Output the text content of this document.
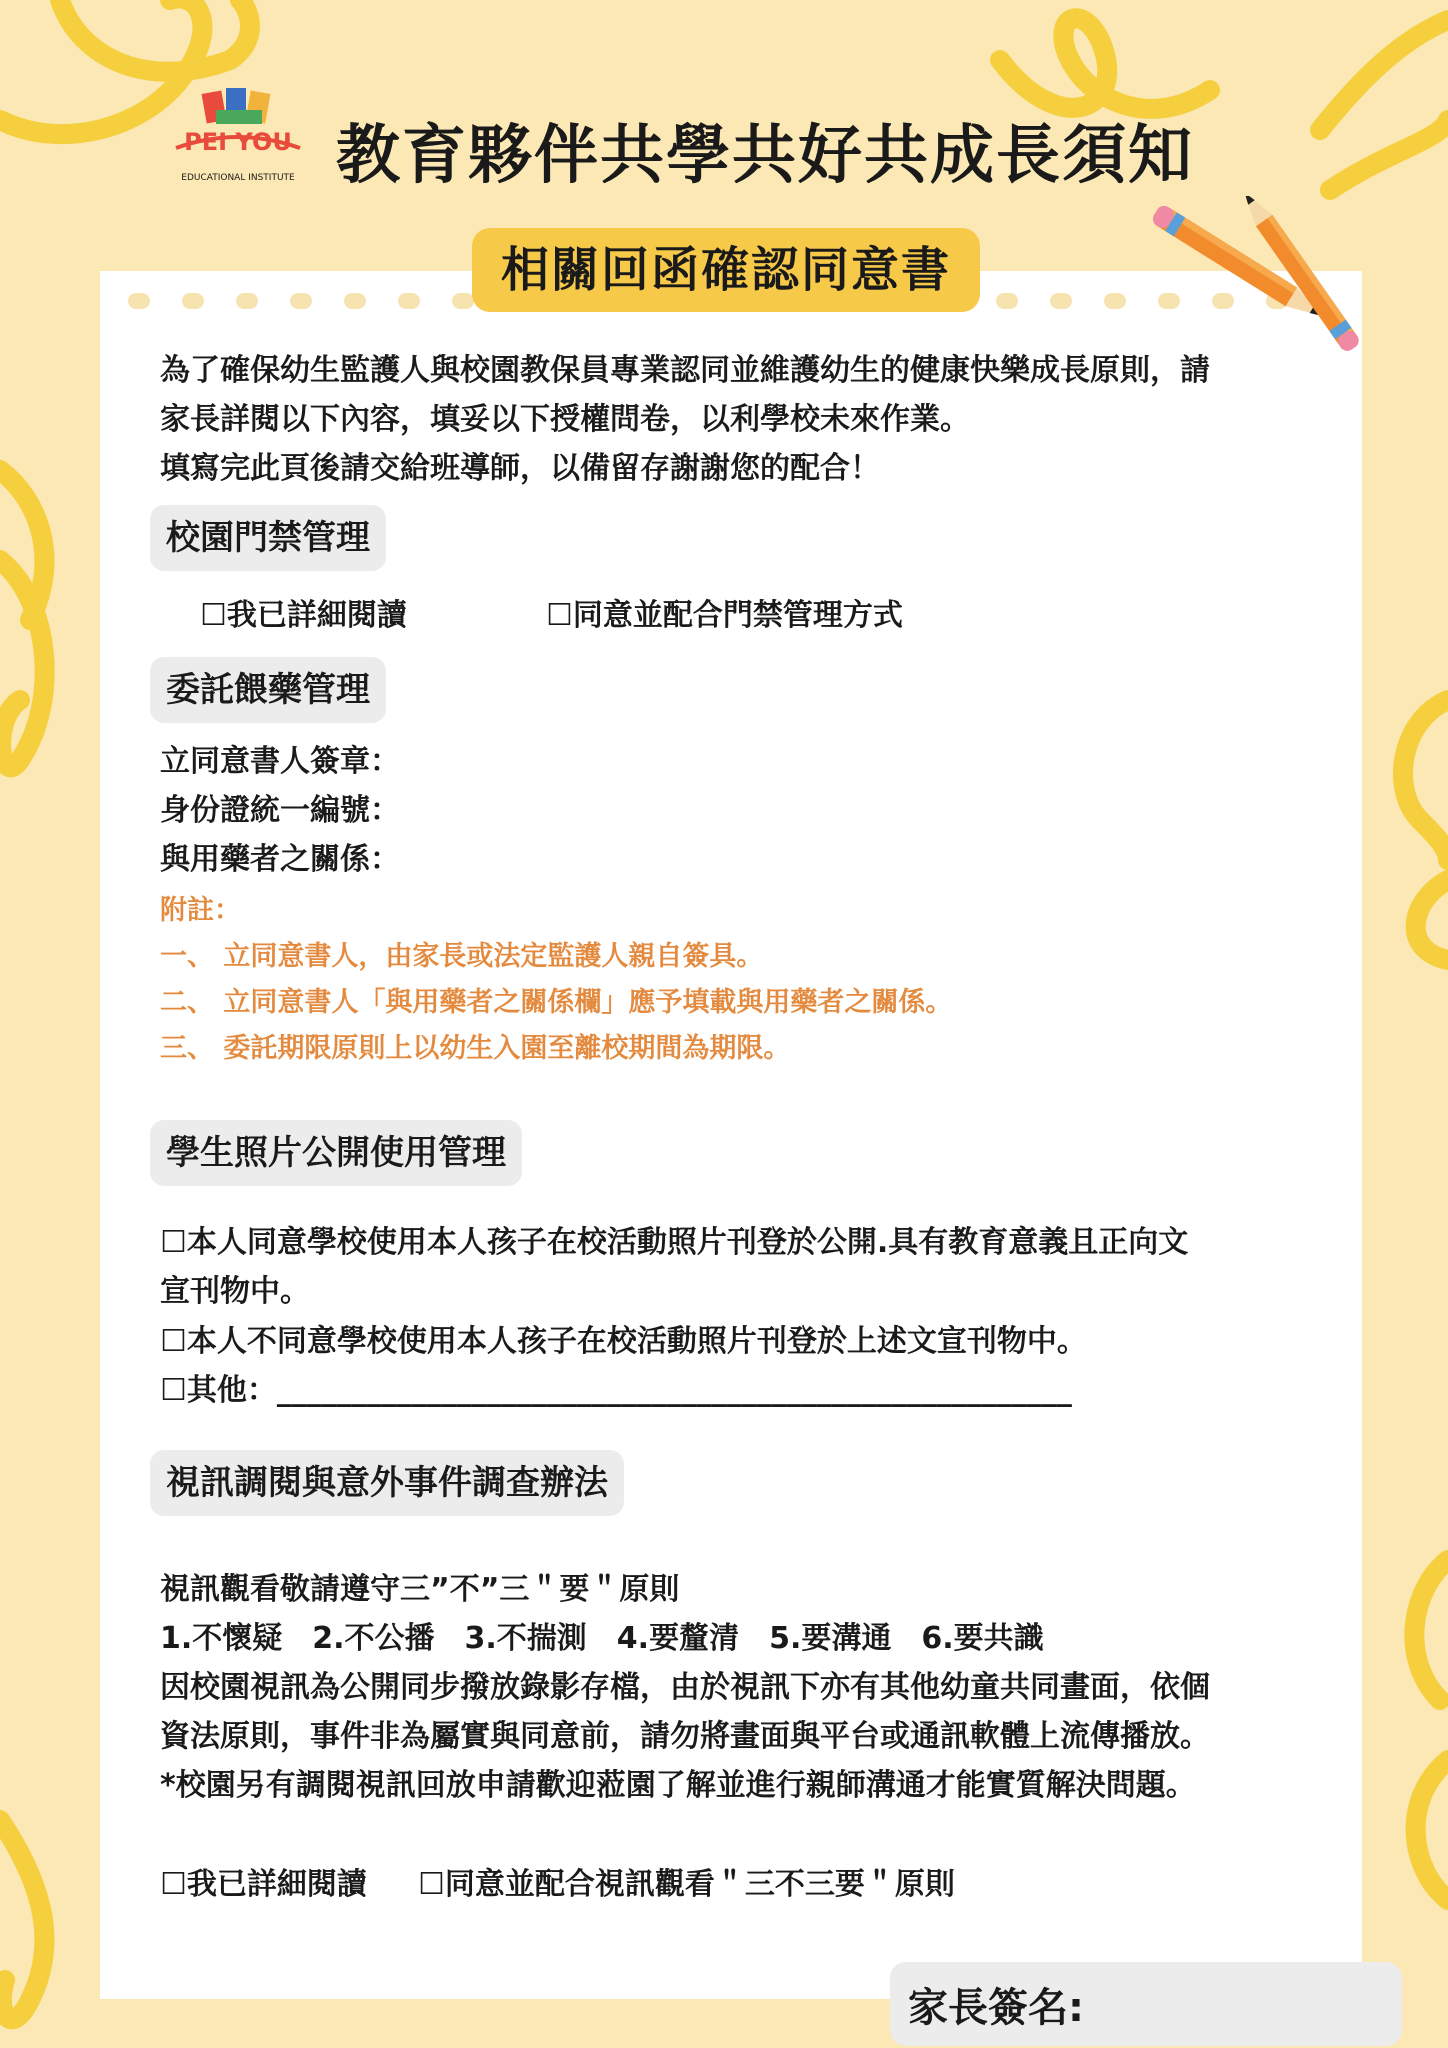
PEI YOU
EDUCATIONAL INSTITUTE 教育夥伴共學共好共成長須知
相關回函確認同意書

為了確保幼生監護人與校園教保員專業認同並維護幼生的健康快樂成長原則，請

家長詳閱以下內容，填妥以下授權問卷，以利學校未來作業。

填寫完此頁後請交給班導師，以備留存謝謝您的配合！

校園門禁管理

☐我已詳細閱讀	☐同意並配合門禁管理方式

委託餵藥管理

立同意書人簽章：

身份證統一編號：

與用藥者之關係：

附註：

一、 立同意書人，由家長或法定監護人親自簽具。

二、 立同意書人「與用藥者之關係欄」應予填載與用藥者之關係。

三、 委託期限原則上以幼生入園至離校期間為期限。

學生照片公開使用管理

☐本人同意學校使用本人孩子在校活動照片刊登於公開.具有教育意義且正向文

宣刊物中。

☐本人不同意學校使用本人孩子在校活動照片刊登於上述文宣刊物中。

☐其他：_____________________________________________________

視訊調閱與意外事件調查辦法

視訊觀看敬請遵守三”不”三＂要＂原則

1.不懷疑　2.不公播　3.不揣測　4.要釐清　5.要溝通　6.要共識

因校園視訊為公開同步撥放錄影存檔，由於視訊下亦有其他幼童共同畫面，依個

資法原則，事件非為屬實與同意前，請勿將畫面與平台或通訊軟體上流傳播放。

*校園另有調閱視訊回放申請歡迎蒞園了解並進行親師溝通才能實質解決問題。

☐我已詳細閱讀 ☐同意並配合視訊觀看＂三不三要＂原則

家長簽名:
